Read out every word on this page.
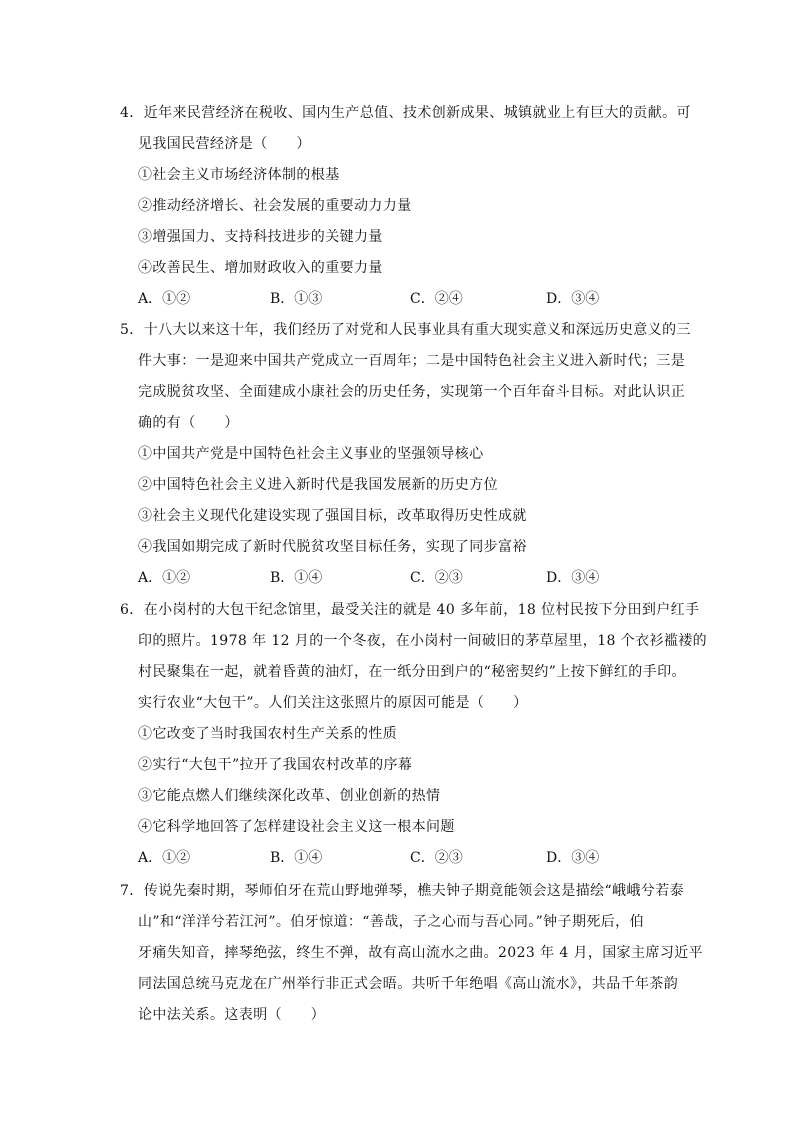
4．近年来民营经济在税收、国内生产总值、技术创新成果、城镇就业上有巨大的贡献。可
见我国民营经济是（　　）
①社会主义市场经济体制的根基
②推动经济增长、社会发展的重要动力力量
③增强国力、支持科技进步的关键力量
④改善民生、增加财政收入的重要力量
A．①②	B．①③	C．②④	D．③④
5．十八大以来这十年，我们经历了对党和人民事业具有重大现实意义和深远历史意义的三
件大事：一是迎来中国共产党成立一百周年；二是中国特色社会主义进入新时代；三是
完成脱贫攻坚、全面建成小康社会的历史任务，实现第一个百年奋斗目标。对此认识正
确的有（　　）
①中国共产党是中国特色社会主义事业的坚强领导核心
②中国特色社会主义进入新时代是我国发展新的历史方位
③社会主义现代化建设实现了强国目标，改革取得历史性成就
④我国如期完成了新时代脱贫攻坚目标任务，实现了同步富裕
A．①②	B．①④	C．②③	D．③④
6．在小岗村的大包干纪念馆里，最受关注的就是 40 多年前，18 位村民按下分田到户红手
印的照片。1978 年 12 月的一个冬夜，在小岗村一间破旧的茅草屋里，18 个衣衫褴褛的
村民聚集在一起，就着昏黄的油灯，在一纸分田到户的“秘密契约”上按下鲜红的手印。
实行农业“大包干”。人们关注这张照片的原因可能是（　　）
①它改变了当时我国农村生产关系的性质
②实行“大包干”拉开了我国农村改革的序幕
③它能点燃人们继续深化改革、创业创新的热情
④它科学地回答了怎样建设社会主义这一根本问题
A．①②	B．①④	C．②③	D．③④
7．传说先秦时期，琴师伯牙在荒山野地弹琴，樵夫钟子期竟能领会这是描绘“峨峨兮若泰
山”和“洋洋兮若江河”。伯牙惊道：“善哉，子之心而与吾心同。”钟子期死后，伯
牙痛失知音，摔琴绝弦，终生不弹，故有高山流水之曲。2023 年 4 月，国家主席习近平
同法国总统马克龙在广州举行非正式会晤。共听千年绝唱《高山流水》，共品千年茶韵
论中法关系。这表明（　　）
